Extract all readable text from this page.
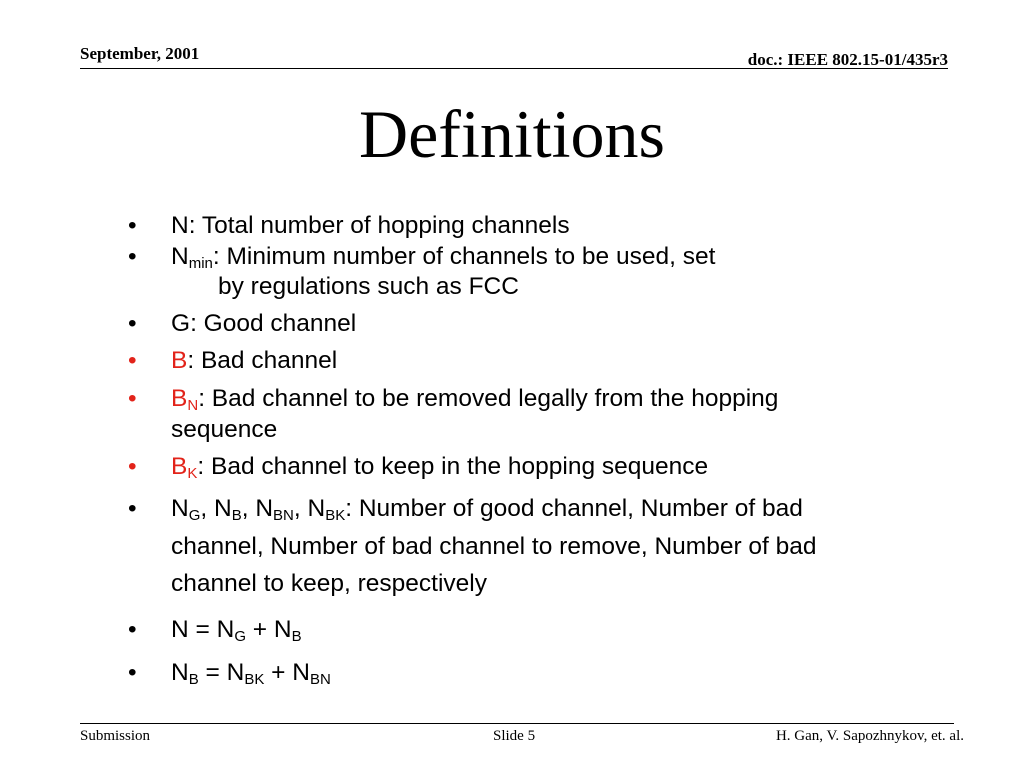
September, 2001	doc.: IEEE 802.15-01/435r3
Definitions
• N: Total number of hopping channels
• $N_{min}$: Minimum number of channels to be used, set
by regulations such as FCC
• G: Good channel
• B: Bad channel
• $B_N$: Bad channel to be removed legally from the hopping
sequence
• $B_K$: Bad channel to keep in the hopping sequence
• $N_G$, $N_B$, $N_{BN}$, $N_{BK}$: Number of good channel, Number of bad
channel, Number of bad channel to remove, Number of bad
channel to keep, respectively
• $N = N_G + N_B$
• $N_B = N_{BK} + N_{BN}$
Submission	Slide 5	H. Gan, V. Sapozhnykov, et. al.
